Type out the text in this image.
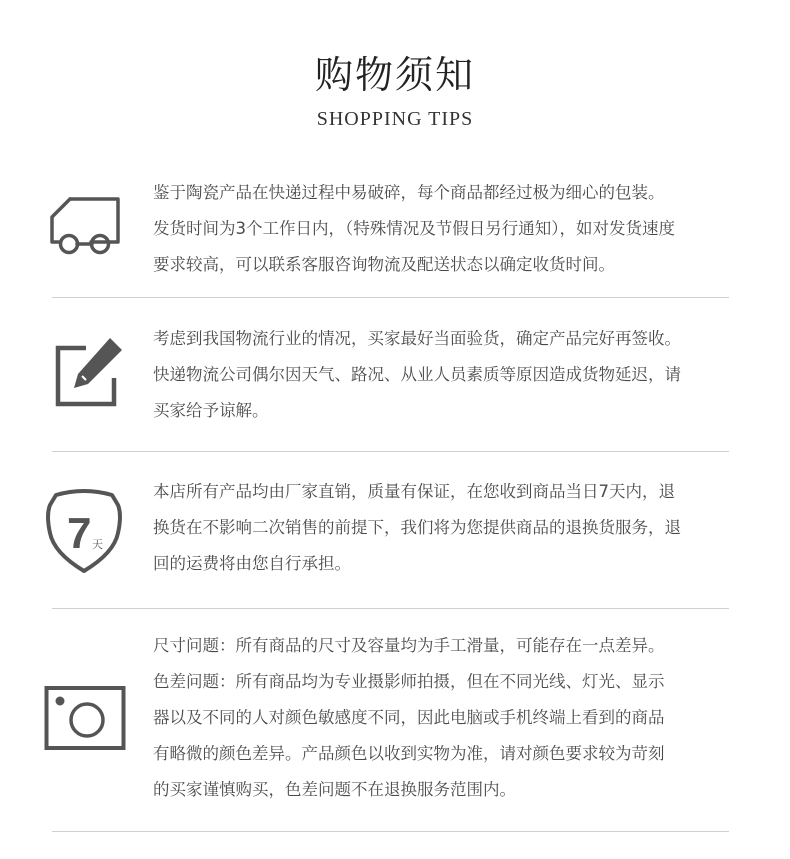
购物须知
SHOPPING TIPS
鉴于陶瓷产品在快递过程中易破碎，每个商品都经过极为细心的包装。
发货时间为3个工作日内，（特殊情况及节假日另行通知），如对发货速度
要求较高，可以联系客服咨询物流及配送状态以确定收货时间。
考虑到我国物流行业的情况，买家最好当面验货，确定产品完好再签收。
快递物流公司偶尔因天气、路况、从业人员素质等原因造成货物延迟，请
买家给予谅解。
7 天
本店所有产品均由厂家直销，质量有保证，在您收到商品当日7天内，退
换货在不影响二次销售的前提下，我们将为您提供商品的退换货服务，退
回的运费将由您自行承担。
尺寸问题：所有商品的尺寸及容量均为手工滑量，可能存在一点差异。
色差问题：所有商品均为专业摄影师拍摄，但在不同光线、灯光、显示
器以及不同的人对颜色敏感度不同，因此电脑或手机终端上看到的商品
有略微的颜色差异。产品颜色以收到实物为准，请对颜色要求较为苛刻
的买家谨慎购买，色差问题不在退换服务范围内。
